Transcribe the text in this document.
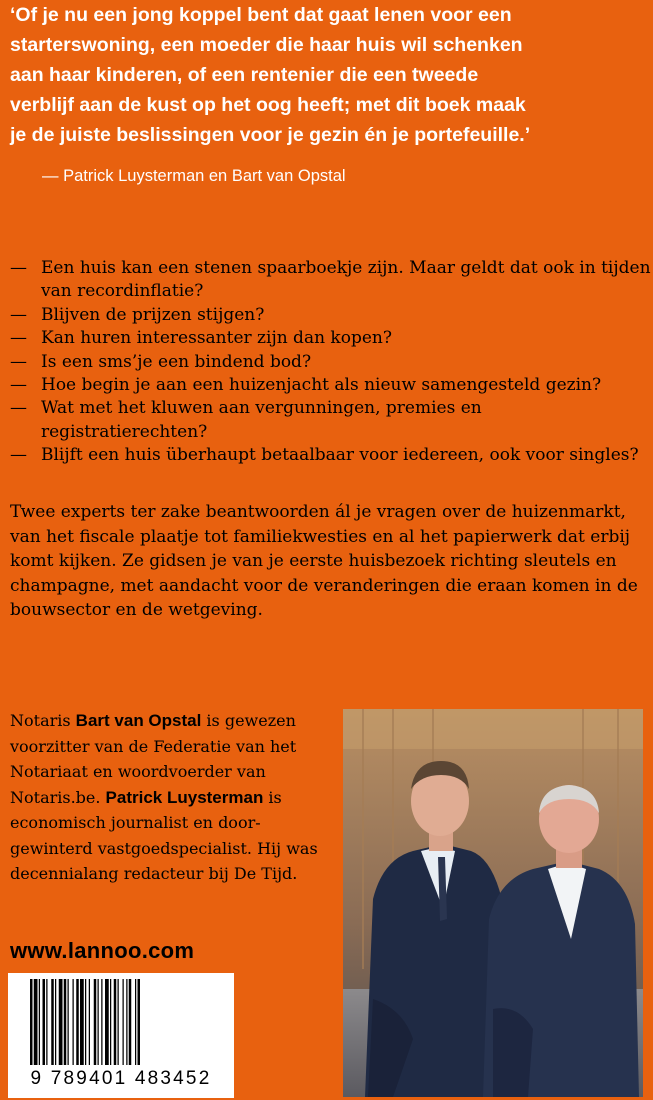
‘Of je nu een jong koppel bent dat gaat lenen voor een

starterswoning, een moeder die haar huis wil schenken

aan haar kinderen, of een rentenier die een tweede

verblijf aan de kust op het oog heeft; met dit boek maak

je de juiste beslissingen voor je gezin én je portefeuille.’

— Patrick Luysterman en Bart van Opstal
— Een huis kan een stenen spaarboekje zijn. Maar geldt dat ook in tijden van recordinflatie?
— Blijven de prijzen stijgen?
— Kan huren interessanter zijn dan kopen?
— Is een sms’je een bindend bod?
— Hoe begin je aan een huizenjacht als nieuw samengesteld gezin?
— Wat met het kluwen aan vergunningen, premies en registratierechten?
— Blijft een huis überhaupt betaalbaar voor iedereen, ook voor singles?

Twee experts ter zake beantwoorden ál je vragen over de huizenmarkt, van het fiscale plaatje tot familiekwesties en al het papierwerk dat erbij komt kijken. Ze gidsen je van je eerste huisbezoek richting sleutels en champagne, met aandacht voor de veranderingen die eraan komen in de bouwsector en de wetgeving.

Notaris Bart van Opstal is gewezen voorzitter van de Federatie van het Notariaat en woordvoerder van Notaris.be. Patrick Luysterman is economisch journalist en door-gewinterd vastgoedspecialist. Hij was decennialang redacteur bij De Tijd.

www.lannoo.com
9 789401 483452
